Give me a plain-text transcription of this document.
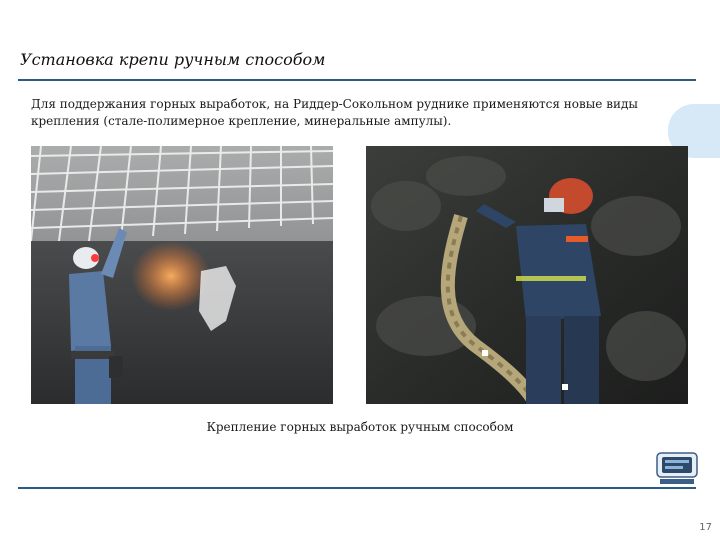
Установка крепи ручным способом
Для поддержания горных выработок, на Риддер-Сокольном руднике применяются новые виды крепления (стале-полимерное крепление, минеральные ампулы).
Крепление горных выработок ручным способом
17
